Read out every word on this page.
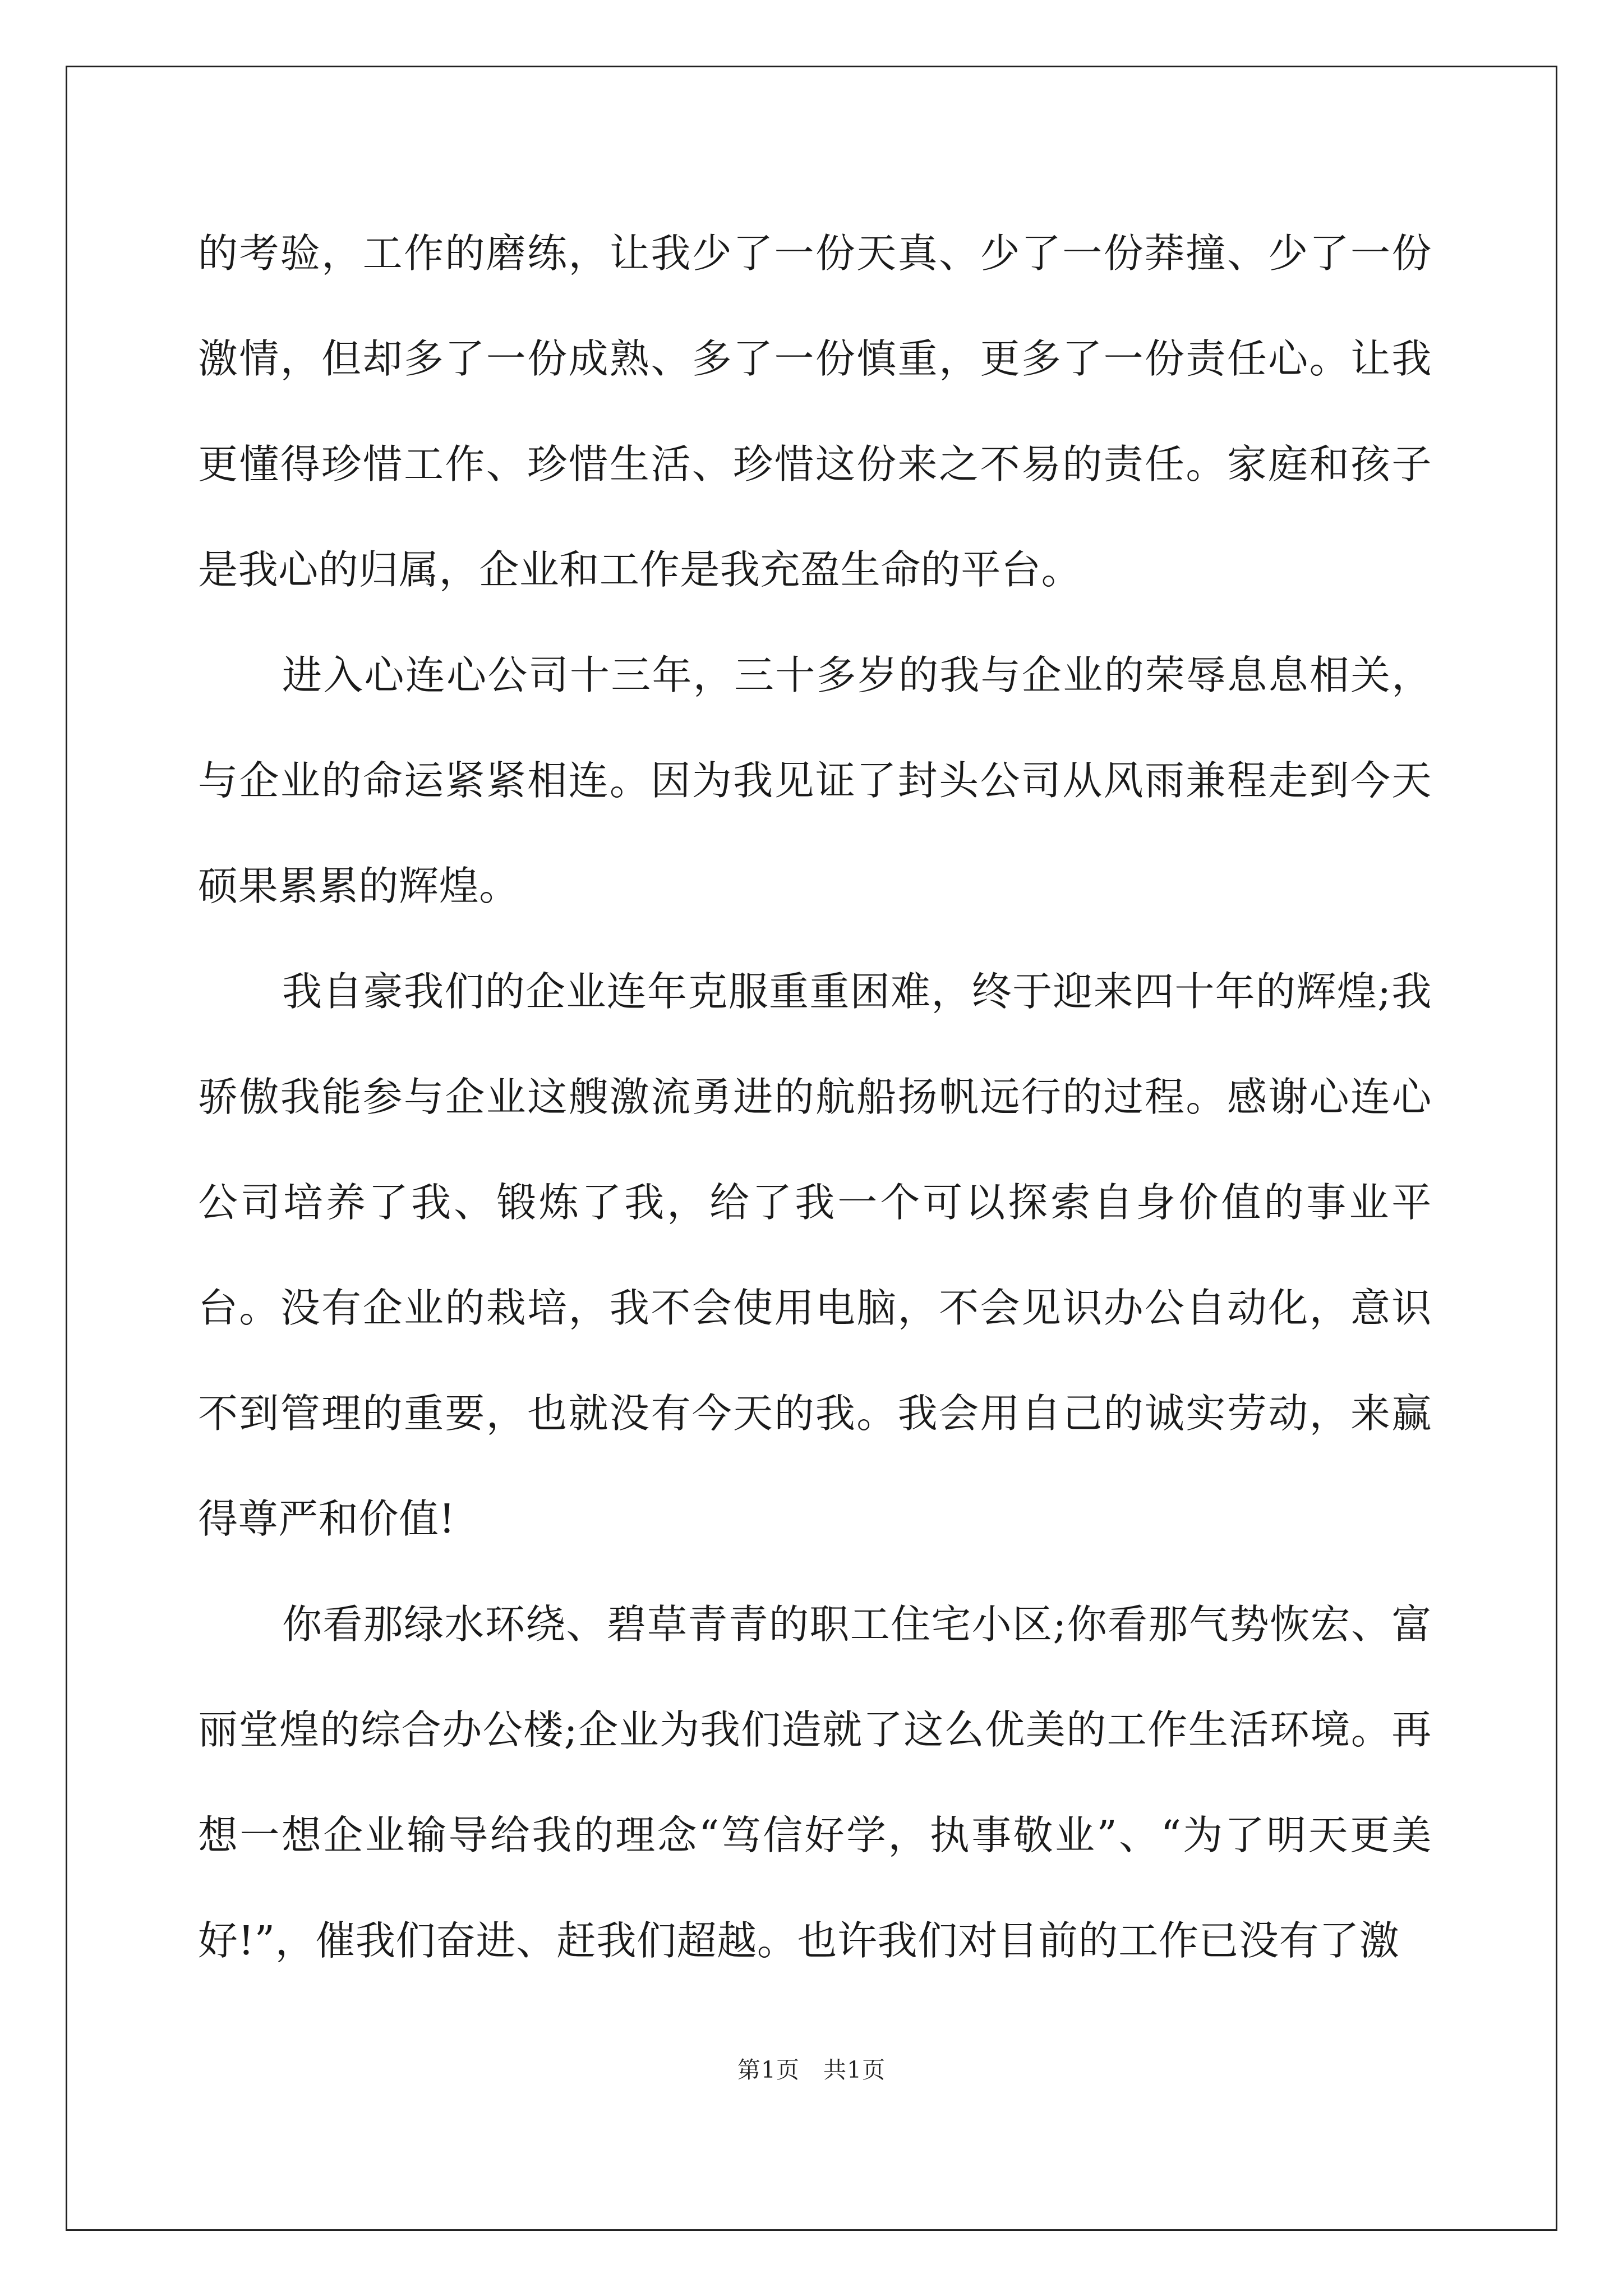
的考验，工作的磨练，让我少了一份天真、少了一份莽撞、少了一份激情，但却多了一份成熟、多了一份慎重，更多了一份责任心。让我更懂得珍惜工作、珍惜生活、珍惜这份来之不易的责任。家庭和孩子是我心的归属，企业和工作是我充盈生命的平台。

进入心连心公司十三年，三十多岁的我与企业的荣辱息息相关，与企业的命运紧紧相连。因为我见证了封头公司从风雨兼程走到今天硕果累累的辉煌。

我自豪我们的企业连年克服重重困难，终于迎来四十年的辉煌;我骄傲我能参与企业这艘激流勇进的航船扬帆远行的过程。感谢心连心公司培养了我、锻炼了我，给了我一个可以探索自身价值的事业平台。没有企业的栽培，我不会使用电脑，不会见识办公自动化，意识不到管理的重要，也就没有今天的我。我会用自己的诚实劳动，来赢得尊严和价值!

你看那绿水环绕、碧草青青的职工住宅小区;你看那气势恢宏、富丽堂煌的综合办公楼;企业为我们造就了这么优美的工作生活环境。再想一想企业输导给我的理念“笃信好学，执事敬业”、“为了明天更美好!”，催我们奋进、赶我们超越。也许我们对目前的工作已没有了激

第1页 共1页
